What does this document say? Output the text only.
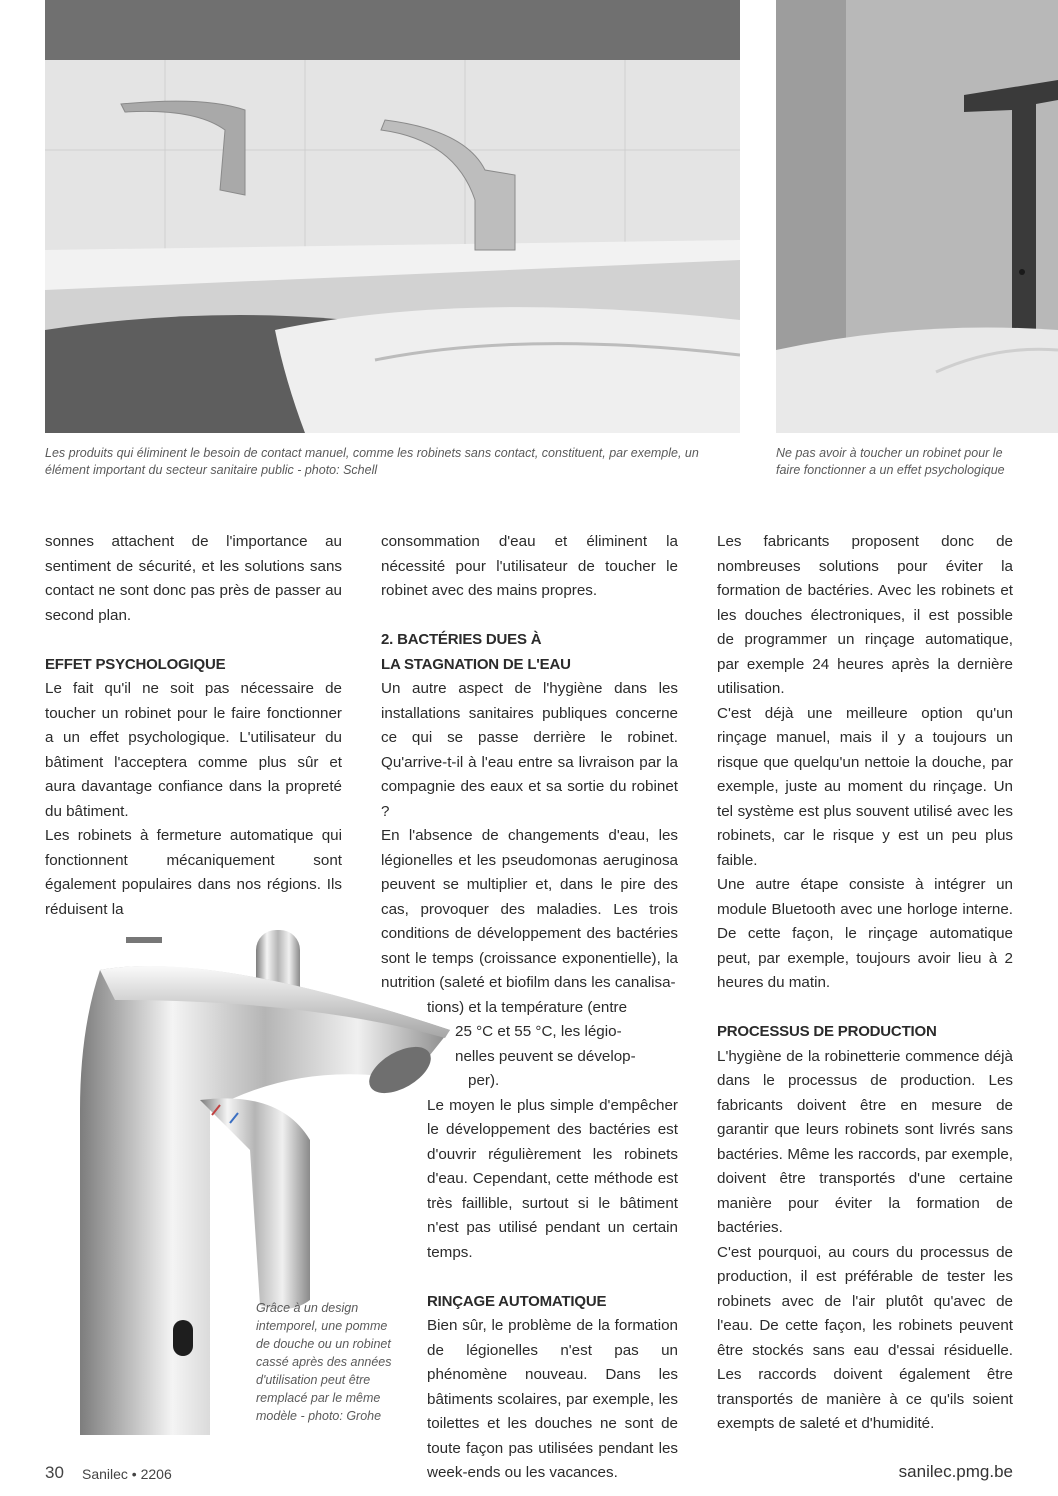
Les produits qui éliminent le besoin de contact manuel, comme les robinets sans contact, constituent, par exemple, un élément important du secteur sanitaire public - photo: Schell
Ne pas avoir à toucher un robinet pour le faire fonctionner a un effet psychologique

sonnes attachent de l'importance au sentiment de sécurité, et les solutions sans contact ne sont donc pas près de passer au second plan.

EFFET PSYCHOLOGIQUE

Le fait qu'il ne soit pas nécessaire de toucher un robinet pour le faire fonctionner a un effet psychologique. L'utilisateur du bâtiment l'acceptera comme plus sûr et aura davantage confiance dans la propreté du bâtiment.

Les robinets à fermeture automatique qui fonctionnent mécaniquement sont également populaires dans nos régions. Ils réduisent la

Grâce à un design intemporel, une pomme de douche ou un robinet cassé après des années d'utilisation peut être remplacé par le même modèle - photo: Grohe

consommation d'eau et éliminent la nécessité pour l'utilisateur de toucher le robinet avec des mains propres.

2. BACTÉRIES DUES À
LA STAGNATION DE L'EAU

Un autre aspect de l'hygiène dans les installations sanitaires publiques concerne ce qui se passe derrière le robinet. Qu'arrive-t-il à l'eau entre sa livraison par la compagnie des eaux et sa sortie du robinet ?

En l'absence de changements d'eau, les légionelles et les pseudomonas aeruginosa peuvent se multiplier et, dans le pire des cas, provoquer des maladies. Les trois conditions de développement des bactéries sont le temps (croissance exponentielle), la nutrition (saleté et biofilm dans les canalisa-

tions) et la température (entre

25 °C et 55 °C, les légio-

nelles peuvent se dévelop-

per).

Le moyen le plus simple d'empêcher le développement des bactéries est d'ouvrir régulièrement les robinets d'eau. Cependant, cette méthode est très faillible, surtout si le bâtiment n'est pas utilisé pendant un certain temps.

RINÇAGE AUTOMATIQUE

Bien sûr, le problème de la formation de légionelles n'est pas un phénomène nouveau. Dans les bâtiments scolaires, par exemple, les toilettes et les douches ne sont de toute façon pas utilisées pendant les week-ends ou les vacances.

Les fabricants proposent donc de nombreuses solutions pour éviter la formation de bactéries. Avec les robinets et les douches électroniques, il est possible de programmer un rinçage automatique, par exemple 24 heures après la dernière utilisation.

C'est déjà une meilleure option qu'un rinçage manuel, mais il y a toujours un risque que quelqu'un nettoie la douche, par exemple, juste au moment du rinçage. Un tel système est plus souvent utilisé avec les robinets, car le risque y est un peu plus faible.

Une autre étape consiste à intégrer un module Bluetooth avec une horloge interne. De cette façon, le rinçage automatique peut, par exemple, toujours avoir lieu à 2 heures du matin.

PROCESSUS DE PRODUCTION

L'hygiène de la robinetterie commence déjà dans le processus de production. Les fabricants doivent être en mesure de garantir que leurs robinets sont livrés sans bactéries. Même les raccords, par exemple, doivent être transportés d'une certaine manière pour éviter la formation de bactéries.

C'est pourquoi, au cours du processus de production, il est préférable de tester les robinets avec de l'air plutôt qu'avec de l'eau. De cette façon, les robinets peuvent être stockés sans eau d'essai résiduelle. Les raccords doivent également être transportés de manière à ce qu'ils soient exempts de saleté et d'humidité.

30 Sanilec • 2206	sanilec.pmg.be
